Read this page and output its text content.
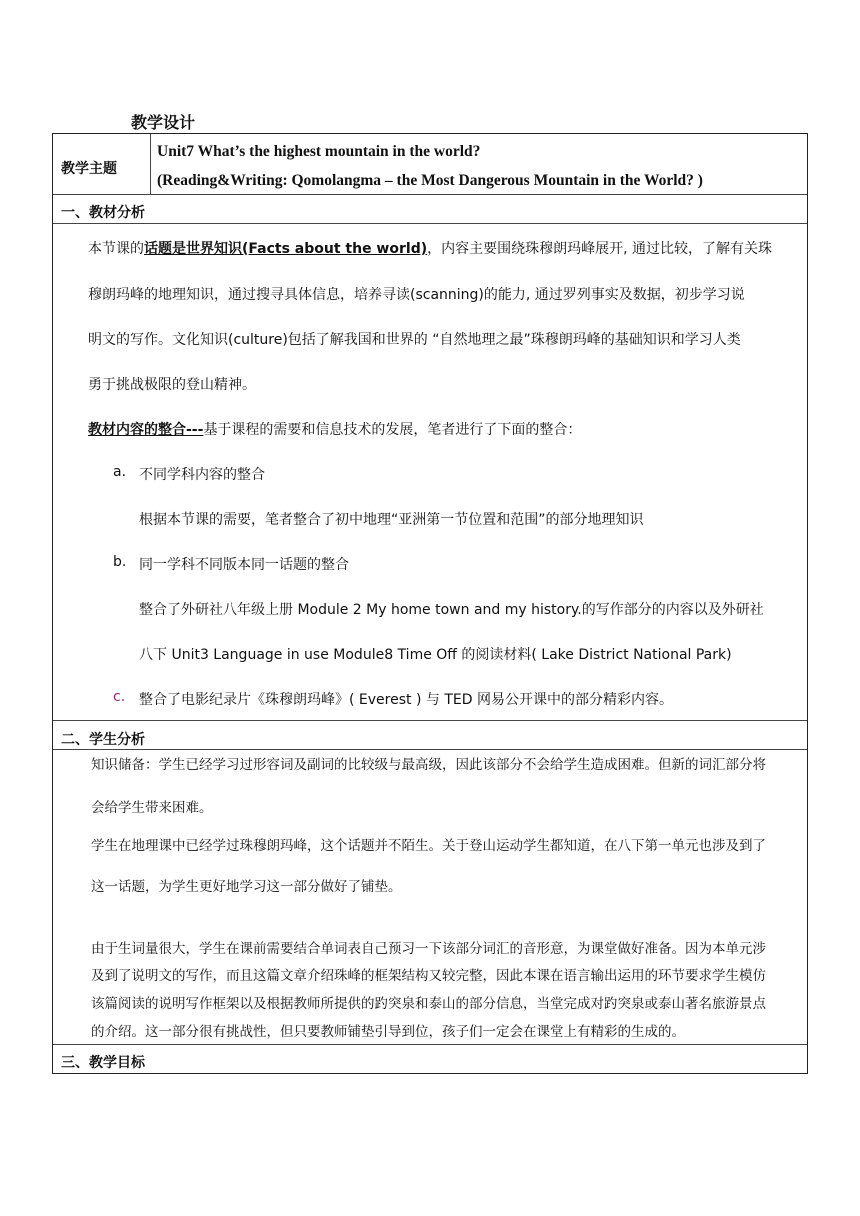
教学设计
教学主题
Unit7 What’s the highest mountain in the world?
(Reading&Writing: Qomolangma – the Most Dangerous Mountain in the World? )
一、教材分析
本节课的话题是世界知识(Facts about the world)，内容主要围绕珠穆朗玛峰展开, 通过比较，了解有关珠
穆朗玛峰的地理知识，通过搜寻具体信息，培养寻读(scanning)的能力, 通过罗列事实及数据，初步学习说
明文的写作。文化知识(culture)包括了解我国和世界的 “自然地理之最”珠穆朗玛峰的基础知识和学习人类
勇于挑战极限的登山精神。
教材内容的整合---基于课程的需要和信息技术的发展，笔者进行了下面的整合：
a. 不同学科内容的整合
根据本节课的需要，笔者整合了初中地理“亚洲第一节位置和范围”的部分地理知识
b. 同一学科不同版本同一话题的整合
整合了外研社八年级上册 Module 2 My home town and my history.的写作部分的内容以及外研社
八下 Unit3 Language in use Module8 Time Off 的阅读材料( Lake District National Park)
c. 整合了电影纪录片《珠穆朗玛峰》( Everest ) 与 TED 网易公开课中的部分精彩内容。
二、学生分析
知识储备：学生已经学习过形容词及副词的比较级与最高级，因此该部分不会给学生造成困难。但新的词汇部分将
会给学生带来困难。
学生在地理课中已经学过珠穆朗玛峰，这个话题并不陌生。关于登山运动学生都知道，在八下第一单元也涉及到了
这一话题，为学生更好地学习这一部分做好了铺垫。
由于生词量很大，学生在课前需要结合单词表自己预习一下该部分词汇的音形意，为课堂做好准备。因为本单元涉
及到了说明文的写作，而且这篇文章介绍珠峰的框架结构又较完整，因此本课在语言输出运用的环节要求学生模仿
该篇阅读的说明写作框架以及根据教师所提供的趵突泉和泰山的部分信息，当堂完成对趵突泉或泰山著名旅游景点
的介绍。这一部分很有挑战性，但只要教师铺垫引导到位，孩子们一定会在课堂上有精彩的生成的。
三、教学目标
